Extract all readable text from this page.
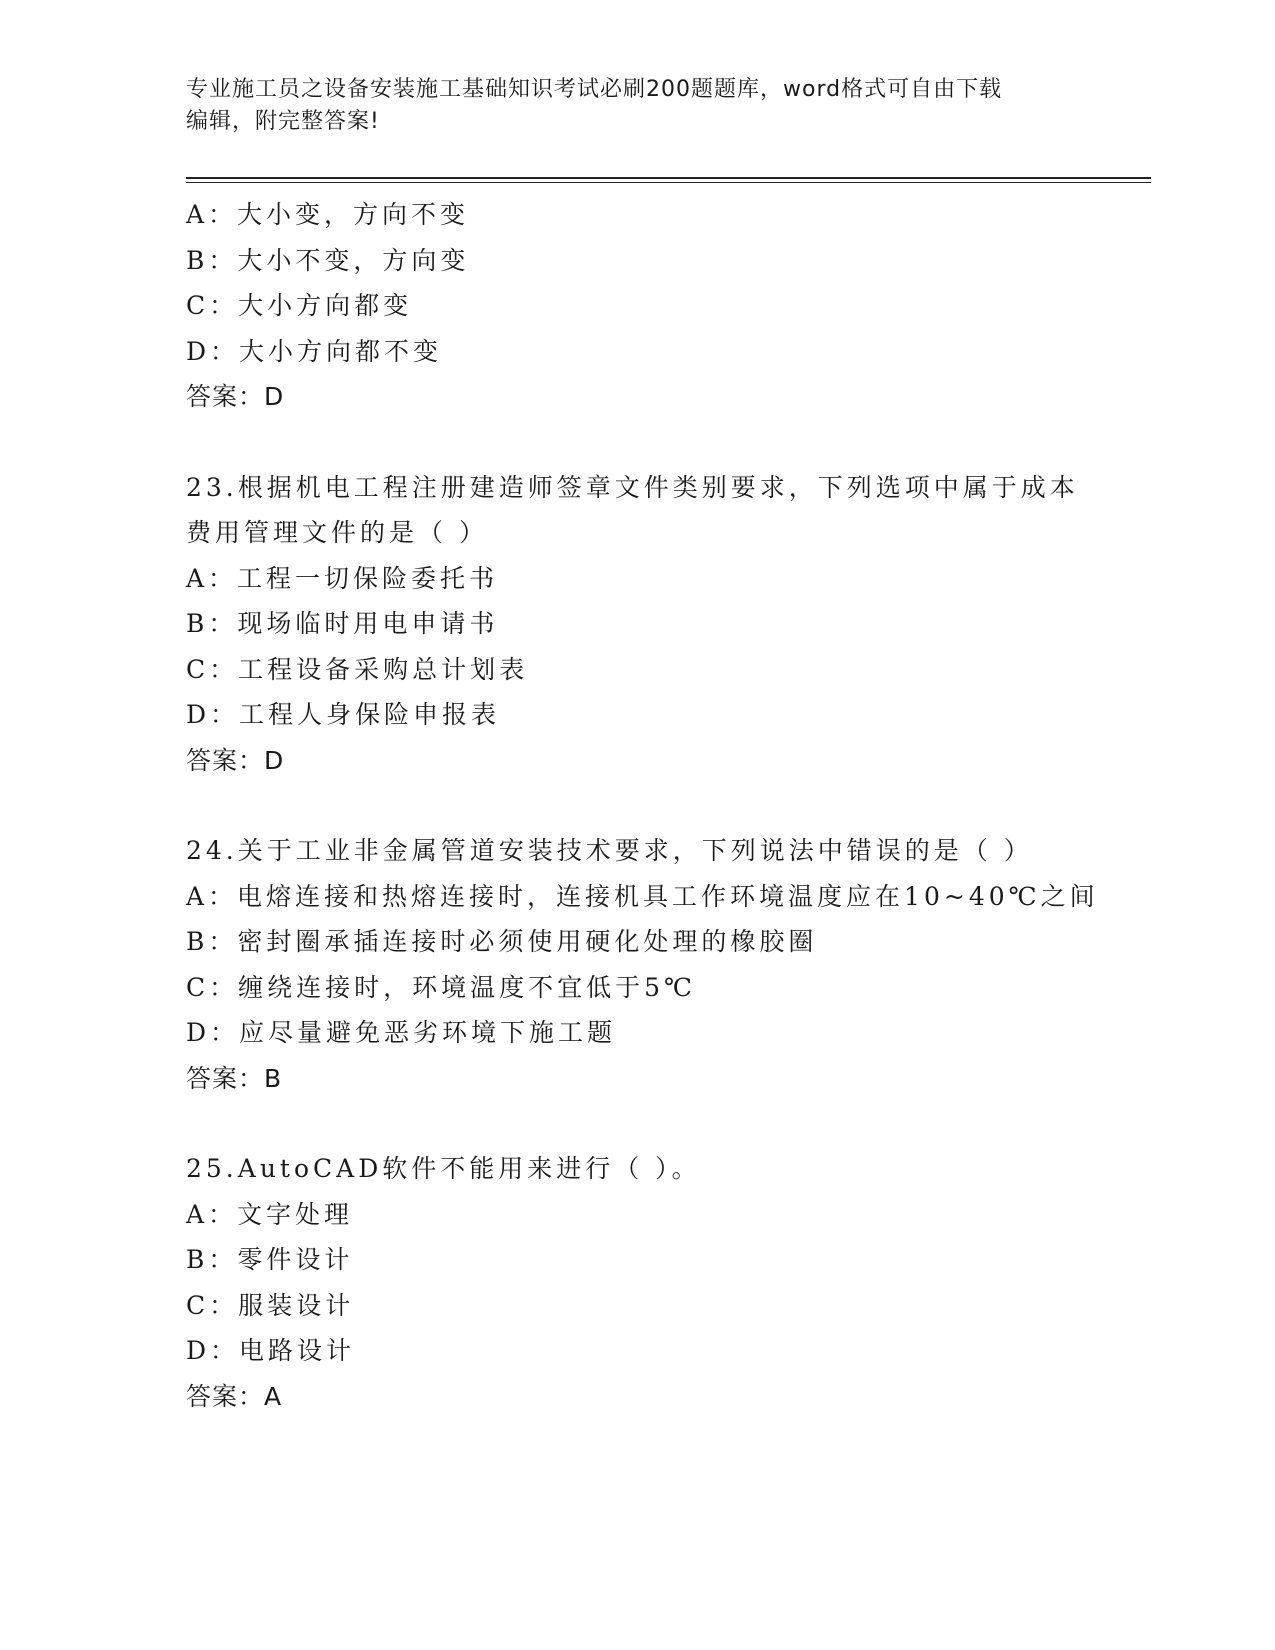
专业施工员之设备安装施工基础知识考试必刷200题题库，word格式可自由下载
编辑，附完整答案!
A：大小变，方向不变
B：大小不变，方向变
C：大小方向都变
D：大小方向都不变
答案：D
23.根据机电工程注册建造师签章文件类别要求，下列选项中属于成本
费用管理文件的是（ ）
A：工程一切保险委托书
B：现场临时用电申请书
C：工程设备采购总计划表
D：工程人身保险申报表
答案：D
24.关于工业非金属管道安装技术要求，下列说法中错误的是（ ）
A：电熔连接和热熔连接时，连接机具工作环境温度应在10~40℃之间
B：密封圈承插连接时必须使用硬化处理的橡胶圈
C：缠绕连接时，环境温度不宜低于5℃
D：应尽量避免恶劣环境下施工题
答案：B
25.AutoCAD软件不能用来进行（ ）。
A：文字处理
B：零件设计
C：服装设计
D：电路设计
答案：A
